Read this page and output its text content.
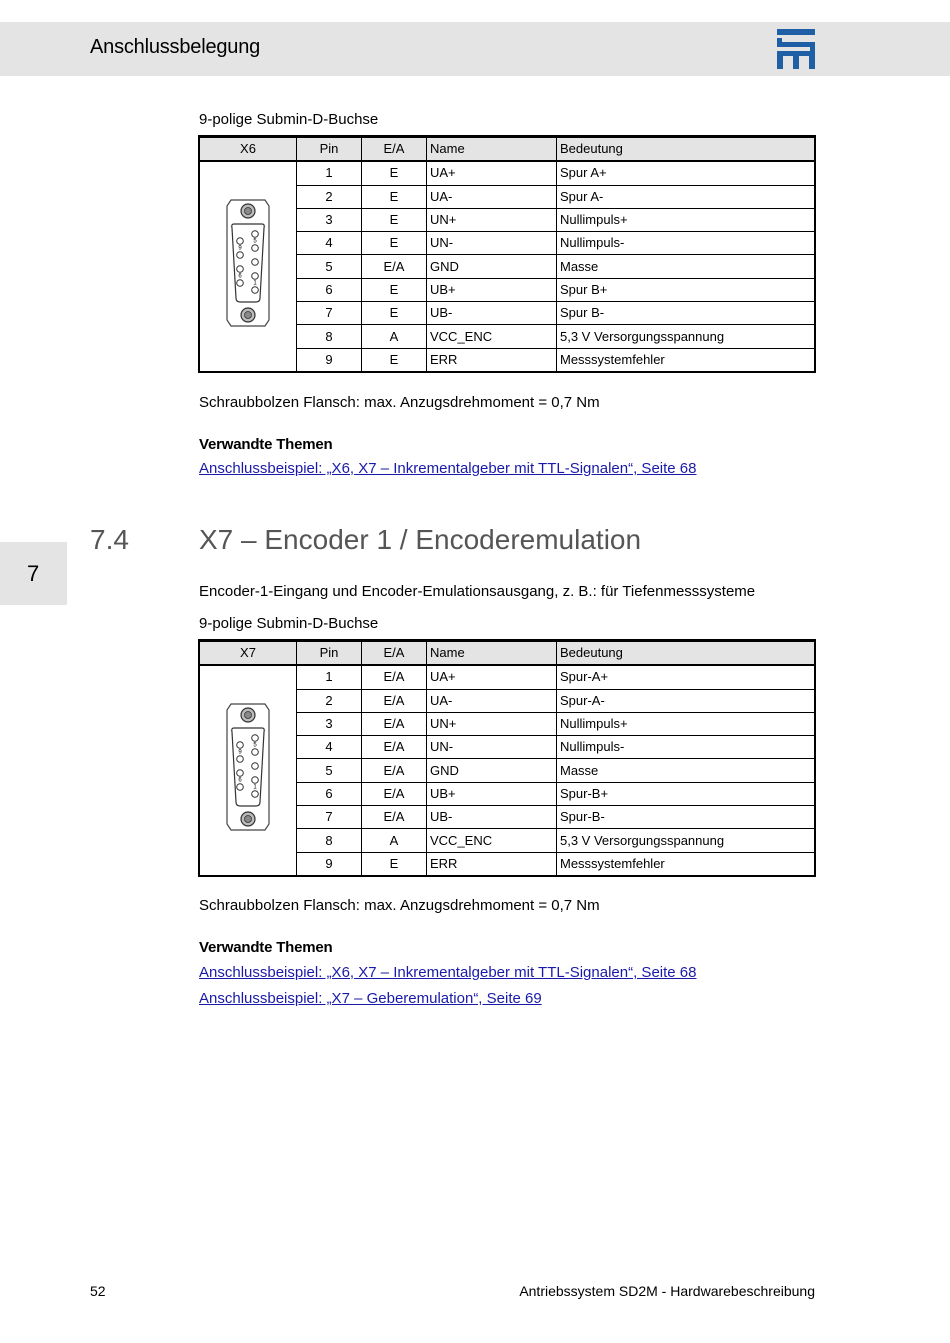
Anschlussbelegung
7
9-polige Submin-D-Buchse
X6	Pin	E/A	Name	Bedeutung

5
9
6
1	1	E	UA+	Spur A+
	2	E	UA-	Spur A-
	3	E	UN+	Nullimpuls+
	4	E	UN-	Nullimpuls-
	5	E/A	GND	Masse
	6	E	UB+	Spur B+
	7	E	UB-	Spur B-
	8	A	VCC_ENC	5,3 V Versorgungsspannung
	9	E	ERR	Messsystemfehler
Schraubbolzen Flansch: max. Anzugsdrehmoment = 0,7 Nm
Verwandte Themen
Anschlussbeispiel: „X6, X7 – Inkrementalgeber mit TTL-Signalen“, Seite 68
7.4	X7 – Encoder 1 / Encoderemulation
Encoder-1-Eingang und Encoder-Emulationsausgang, z. B.: für Tiefenmesssysteme
9-polige Submin-D-Buchse
X7	Pin	E/A	Name	Bedeutung

5
9
6
1	1	E/A	UA+	Spur-A+
	2	E/A	UA-	Spur-A-
	3	E/A	UN+	Nullimpuls+
	4	E/A	UN-	Nullimpuls-
	5	E/A	GND	Masse
	6	E/A	UB+	Spur-B+
	7	E/A	UB-	Spur-B-
	8	A	VCC_ENC	5,3 V Versorgungsspannung
	9	E	ERR	Messsystemfehler
Schraubbolzen Flansch: max. Anzugsdrehmoment = 0,7 Nm
Verwandte Themen
Anschlussbeispiel: „X6, X7 – Inkrementalgeber mit TTL-Signalen“, Seite 68
Anschlussbeispiel: „X7 – Geberemulation“, Seite 69
52	Antriebssystem SD2M - Hardwarebeschreibung
